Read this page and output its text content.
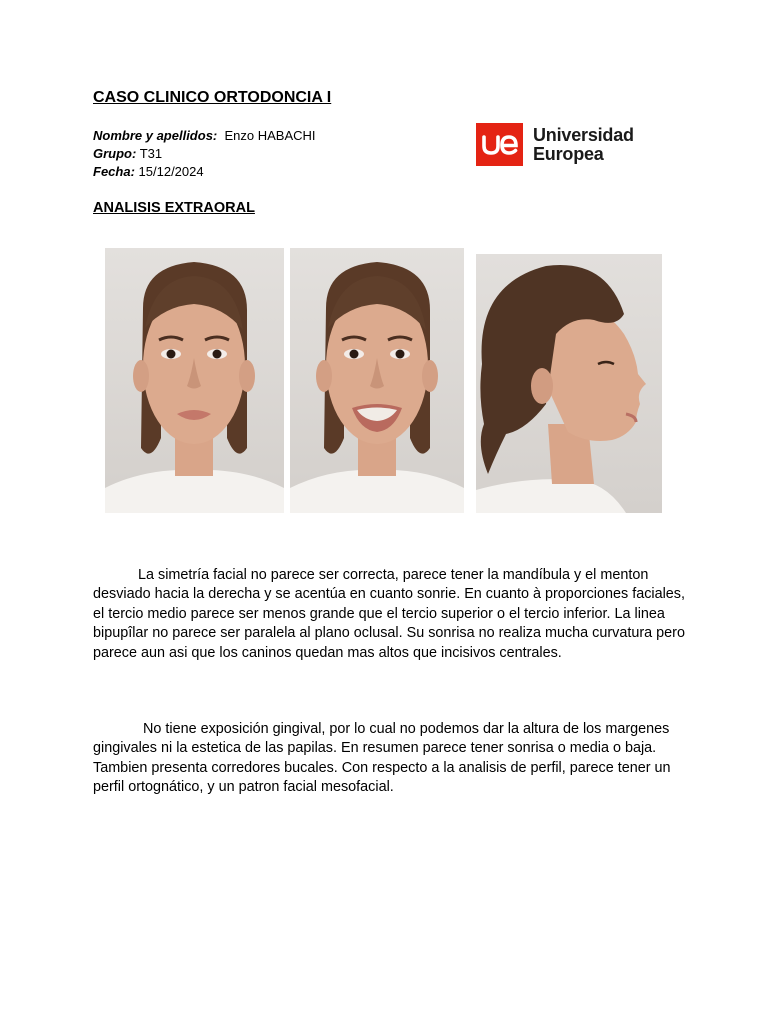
CASO CLINICO ORTODONCIA I
Nombre y apellidos: Enzo HABACHI
Grupo: T31
Fecha: 15/12/2024
Universidad
Europea
ANALISIS EXTRAORAL

La simetría facial no parece ser correcta, parece tener la mandíbula y el menton desviado hacia la derecha y se acentúa en cuanto sonrie. En cuanto à proporciones faciales, el tercio medio parece ser menos grande que el tercio superior o el tercio inferior. La linea bipupîlar no parece ser paralela al plano oclusal. Su sonrisa no realiza mucha curvatura pero parece aun asi que los caninos quedan mas altos que incisivos centrales.

No tiene exposición gingival, por lo cual no podemos dar la altura de los margenes gingivales ni la estetica de las papilas. En resumen parece tener sonrisa o media o baja. Tambien presenta corredores bucales. Con respecto a la analisis de perfil, parece tener un perfil ortognático, y un patron facial mesofacial.
